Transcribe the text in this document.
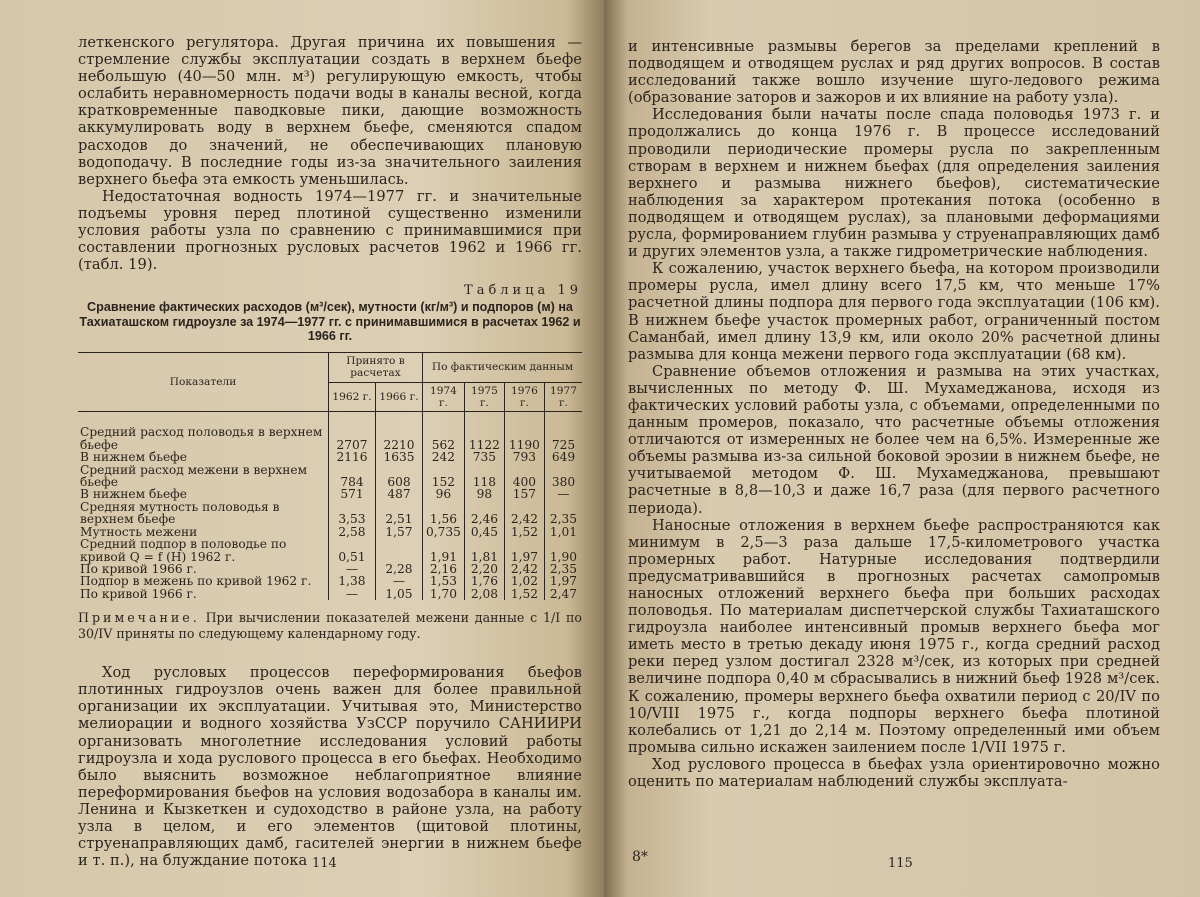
леткенского регулятора. Другая причина их повышения — стремление службы эксплуатации создать в верхнем бьефе небольшую (40—50 млн. м³) регулирующую емкость, чтобы ослабить неравномерность подачи воды в каналы весной, когда кратковременные паводковые пики, дающие возможность аккумулировать воду в верхнем бьефе, сменяются спадом расходов до значений, не обеспечивающих плановую водоподачу. В последние годы из-за значительного заиления верхнего бьефа эта емкость уменьшилась.

Недостаточная водность 1974—1977 гг. и значительные подъемы уровня перед плотиной существенно изменили условия работы узла по сравнению с принимавшимися при составлении прогнозных русловых расчетов 1962 и 1966 гг. (табл. 19).

Таблица 19
Сравнение фактических расходов (м³/сек), мутности (кг/м³) и подпоров (м) на Тахиаташском гидроузле за 1974—1977 гг. с принимавшимися в расчетах 1962 и 1966 гг.
Показатели	Принято в расчетах		По фактическим данным			
	1962 г.	1966 г.	1974 г.	1975 г.	1976 г.	1977 г.
Средний расход половодья в верхнем бьефе	2707	2210	562	1122	1190	725
В нижнем бьефе	2116	1635	242	735	793	649
Средний расход межени в верхнем бьефе	784	608	152	118	400	380
В нижнем бьефе	571	487	96	98	157	—
Средняя мутность половодья в верхнем бьефе	3,53	2,51	1,56	2,46	2,42	2,35
Мутность межени	2,58	1,57	0,735	0,45	1,52	1,01
Средний подпор в половодье по кривой Q = f (H) 1962 г.	0,51		1,91	1,81	1,97	1,90
По кривой 1966 г.	—	2,28	2,16	2,20	2,42	2,35
Подпор в межень по кривой 1962 г.	1,38	—	1,53	1,76	1,02	1,97
По кривой 1966 г.	—	1,05	1,70	2,08	1,52	2,47
Примечание. При вычислении показателей межени данные с 1/I по 30/IV приняты по следующему календарному году.

Ход русловых процессов переформирования бьефов плотинных гидроузлов очень важен для более правильной организации их эксплуатации. Учитывая это, Министерство мелиорации и водного хозяйства УзССР поручило САНИИРИ организовать многолетние исследования условий работы гидроузла и хода руслового процесса в его бьефах. Необходимо было выяснить возможное неблагоприятное влияние переформирования бьефов на условия водозабора в каналы им. Ленина и Кызкеткен и судоходство в районе узла, на работу узла в целом, и его элементов (щитовой плотины, струенаправляющих дамб, гасителей энергии в нижнем бьефе и т. п.), на блуждание потока 114

и интенсивные размывы берегов за пределами креплений в подводящем и отводящем руслах и ряд других вопросов. В состав исследований также вошло изучение шуго-ледового режима (образование заторов и зажоров и их влияние на работу узла).

Исследования были начаты после спада половодья 1973 г. и продолжались до конца 1976 г. В процессе исследований проводили периодические промеры русла по закрепленным створам в верхнем и нижнем бьефах (для определения заиления верхнего и размыва нижнего бьефов), систематические наблюдения за характером протекания потока (особенно в подводящем и отводящем руслах), за плановыми деформациями русла, формированием глубин размыва у струенаправляющих дамб и других элементов узла, а также гидрометрические наблюдения.

К сожалению, участок верхнего бьефа, на котором производили промеры русла, имел длину всего 17,5 км, что меньше 17% расчетной длины подпора для первого года эксплуатации (106 км). В нижнем бьефе участок промерных работ, ограниченный постом Саманбай, имел длину 13,9 км, или около 20% расчетной длины размыва для конца межени первого года эксплуатации (68 км).

Сравнение объемов отложения и размыва на этих участках, вычисленных по методу Ф. Ш. Мухамеджанова, исходя из фактических условий работы узла, с объемами, определенными по данным промеров, показало, что расчетные объемы отложения отличаются от измеренных не более чем на 6,5%. Измеренные же объемы размыва из-за сильной боковой эрозии в нижнем бьефе, не учитываемой методом Ф. Ш. Мухамеджанова, превышают расчетные в 8,8—10,3 и даже 16,7 раза (для первого расчетного периода).

Наносные отложения в верхнем бьефе распространяются как минимум в 2,5—3 раза дальше 17,5-километрового участка промерных работ. Натурные исследования подтвердили предусматривавшийся в прогнозных расчетах самопромыв наносных отложений верхнего бьефа при больших расходах половодья. По материалам диспетчерской службы Тахиаташского гидроузла наиболее интенсивный промыв верхнего бьефа мог иметь место в третью декаду июня 1975 г., когда средний расход реки перед узлом достигал 2328 м³/сек, из которых при средней величине подпора 0,40 м сбрасывались в нижний бьеф 1928 м³/сек. К сожалению, промеры верхнего бьефа охватили период с 20/IV по 10/VIII 1975 г., когда подпоры верхнего бьефа плотиной колебались от 1,21 до 2,14 м. Поэтому определенный ими объем промыва сильно искажен заилением после 1/VII 1975 г.

Ход руслового процесса в бьефах узла ориентировочно можно оценить по материалам наблюдений службы эксплуата-

8*	115
